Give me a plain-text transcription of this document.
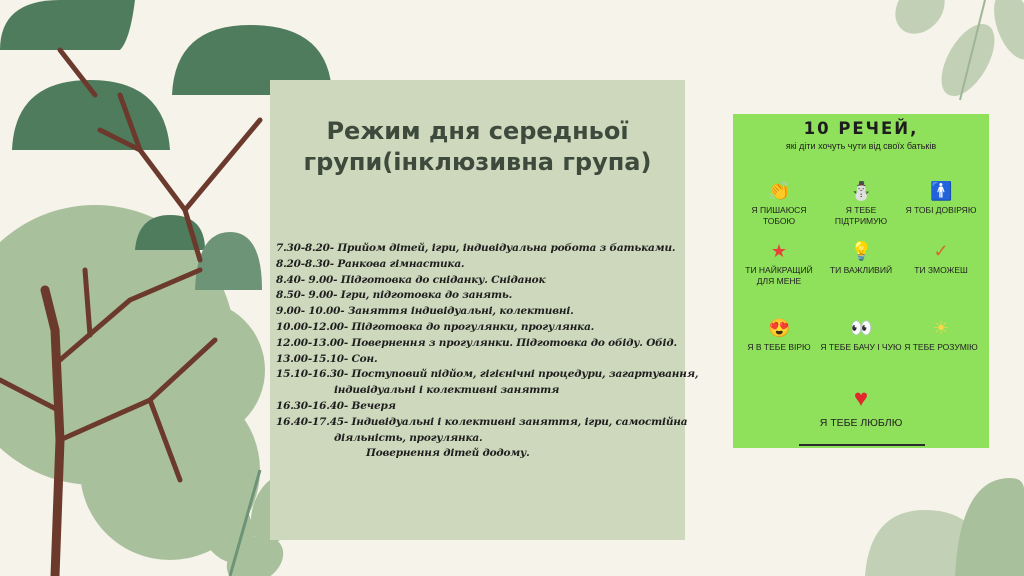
Режим дня середньої
групи(інклюзивна група)
7.30-8.20- Прийом дітей, ігри, індивідуальна робота з батьками.
8.20-8.30- Ранкова гімнастика.
8.40- 9.00- Підготовка до сніданку. Сніданок
8.50- 9.00- Ігри, підготовка до занять.
9.00- 10.00- Заняття індивідуальні, колективні.
10.00-12.00- Підготовка до прогулянки, прогулянка.
12.00-13.00- Повернення з прогулянки. Підготовка до обіду. Обід.
13.00-15.10- Сон.
15.10-16.30- Поступовий підйом, гігієнічні процедури, загартування,
індивідуальні і колективні заняття
16.30-16.40- Вечеря
16.40-17.45- Індивідуальні і колективні заняття, ігри, самостійна
діяльність, прогулянка.
Повернення дітей додому.
10 РЕЧЕЙ,
які діти хочуть чути від своїх батьків
👏
Я ПИШАЮСЯ ТОБОЮ
⛄
Я ТЕБЕ ПІДТРИМУЮ
🚹
Я ТОБІ ДОВІРЯЮ
★
ТИ НАЙКРАЩИЙ ДЛЯ МЕНЕ
💡
ТИ ВАЖЛИВИЙ
✓
ТИ ЗМОЖЕШ
😍
Я В ТЕБЕ ВІРЮ
👀
Я ТЕБЕ БАЧУ І ЧУЮ
☀
Я ТЕБЕ РОЗУМІЮ
♥
Я ТЕБЕ ЛЮБЛЮ
